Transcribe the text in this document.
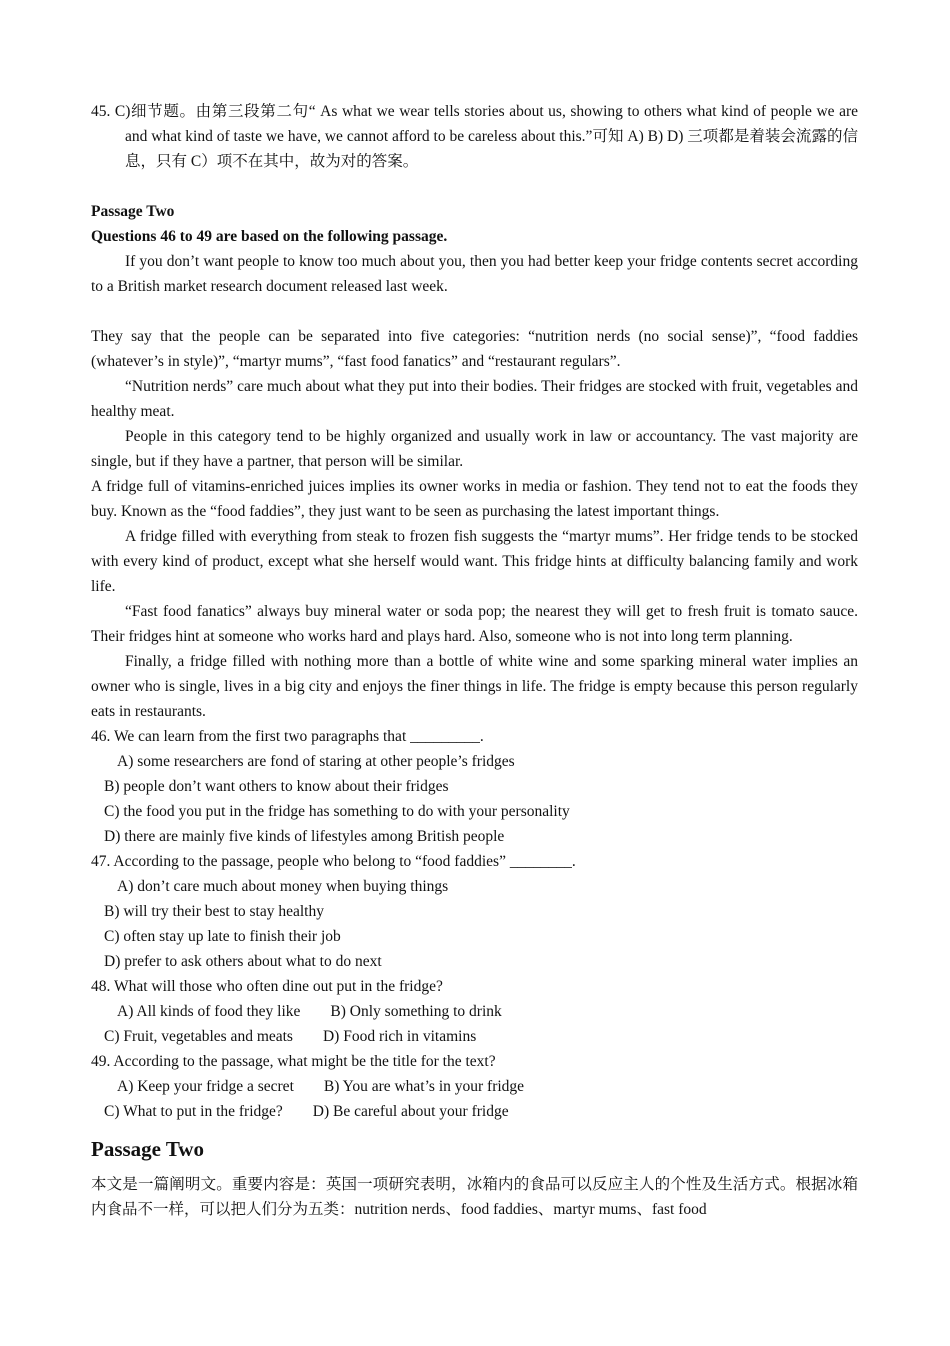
45. C)细节题。由第三段第二句“ As what we wear tells stories about us, showing to others what kind of people we are and what kind of taste we have, we cannot afford to be careless about this.”可知 A) B) D) 三项都是着装会流露的信息，只有 C）项不在其中，故为对的答案。

Passage Two

Questions 46 to 49 are based on the following passage.

If you don’t want people to know too much about you, then you had better keep your fridge contents secret according to a British market research document released last week.

They say that the people can be separated into five categories: “nutrition nerds (no social sense)”, “food faddies (whatever’s in style)”, “martyr mums”, “fast food fanatics” and “restaurant regulars”.

“Nutrition nerds” care much about what they put into their bodies. Their fridges are stocked with fruit, vegetables and healthy meat.

People in this category tend to be highly organized and usually work in law or accountancy. The vast majority are single, but if they have a partner, that person will be similar.

A fridge full of vitamins-enriched juices implies its owner works in media or fashion. They tend not to eat the foods they buy. Known as the “food faddies”, they just want to be seen as purchasing the latest important things.

A fridge filled with everything from steak to frozen fish suggests the “martyr mums”. Her fridge tends to be stocked with every kind of product, except what she herself would want. This fridge hints at difficulty balancing family and work life.

“Fast food fanatics” always buy mineral water or soda pop; the nearest they will get to fresh fruit is tomato sauce. Their fridges hint at someone who works hard and plays hard. Also, someone who is not into long term planning.

Finally, a fridge filled with nothing more than a bottle of white wine and some sparking mineral water implies an owner who is single, lives in a big city and enjoys the finer things in life. The fridge is empty because this person regularly eats in restaurants.

46. We can learn from the first two paragraphs that _________.

A) some researchers are fond of staring at other people’s fridges

B) people don’t want others to know about their fridges

C) the food you put in the fridge has something to do with your personality

D) there are mainly five kinds of lifestyles among British people

47. According to the passage, people who belong to “food faddies” ________.

A) don’t care much about money when buying things

B) will try their best to stay healthy

C) often stay up late to finish their job

D) prefer to ask others about what to do next

48. What will those who often dine out put in the fridge?

A) All kinds of food they like B) Only something to drink

C) Fruit, vegetables and meats D) Food rich in vitamins

49. According to the passage, what might be the title for the text?

A) Keep your fridge a secret B) You are what’s in your fridge

C) What to put in the fridge? D) Be careful about your fridge

Passage Two

本文是一篇阐明文。重要内容是：英国一项研究表明，冰箱内的食品可以反应主人的个性及生活方式。根据冰箱内食品不一样，可以把人们分为五类：nutrition nerds、food faddies、martyr mums、fast food
